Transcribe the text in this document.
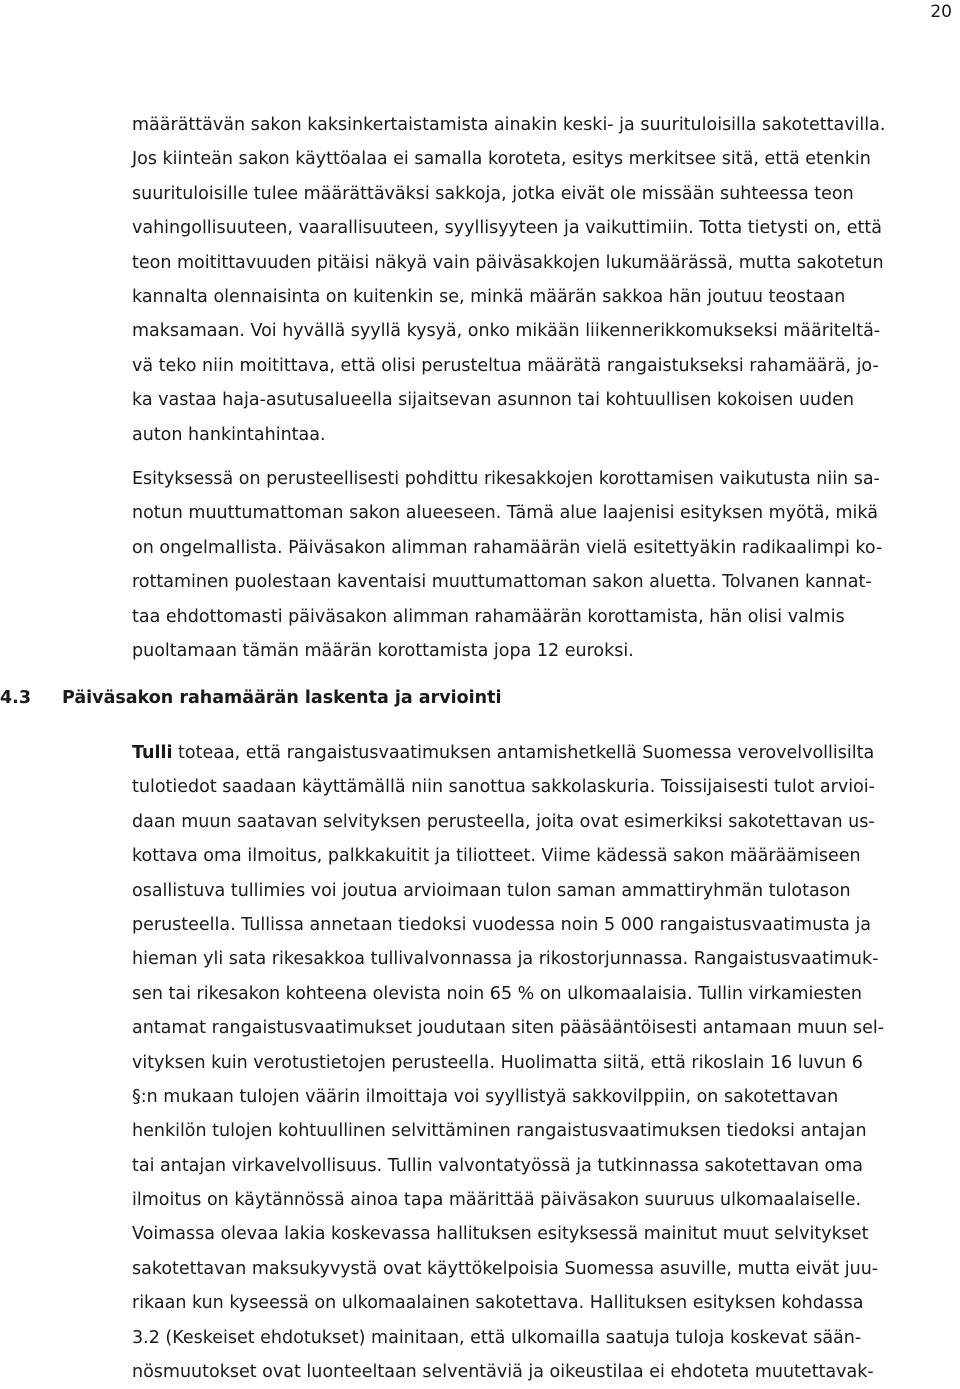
20
määrättävän sakon kaksinkertaistamista ainakin keski- ja suurituloisilla sakotettavilla.
Jos kiinteän sakon käyttöalaa ei samalla koroteta, esitys merkitsee sitä, että etenkin
suurituloisille tulee määrättäväksi sakkoja, jotka eivät ole missään suhteessa teon
vahingollisuuteen, vaarallisuuteen, syyllisyyteen ja vaikuttimiin. Totta tietysti on, että
teon moitittavuuden pitäisi näkyä vain päiväsakkojen lukumäärässä, mutta sakotetun
kannalta olennaisinta on kuitenkin se, minkä määrän sakkoa hän joutuu teostaan
maksamaan. Voi hyvällä syyllä kysyä, onko mikään liikennerikkomukseksi määriteltä-
vä teko niin moitittava, että olisi perusteltua määrätä rangaistukseksi rahamäärä, jo-
ka vastaa haja-asutusalueella sijaitsevan asunnon tai kohtuullisen kokoisen uuden
auton hankintahintaa.
Esityksessä on perusteellisesti pohdittu rikesakkojen korottamisen vaikutusta niin sa-
notun muuttumattoman sakon alueeseen. Tämä alue laajenisi esityksen myötä, mikä
on ongelmallista. Päiväsakon alimman rahamäärän vielä esitettyäkin radikaalimpi ko-
rottaminen puolestaan kaventaisi muuttumattoman sakon aluetta. Tolvanen kannat-
taa ehdottomasti päiväsakon alimman rahamäärän korottamista, hän olisi valmis
puoltamaan tämän määrän korottamista jopa 12 euroksi.
4.3 Päiväsakon rahamäärän laskenta ja arviointi
Tulli toteaa, että rangaistusvaatimuksen antamishetkellä Suomessa verovelvollisilta
tulotiedot saadaan käyttämällä niin sanottua sakkolaskuria. Toissijaisesti tulot arvioi-
daan muun saatavan selvityksen perusteella, joita ovat esimerkiksi sakotettavan us-
kottava oma ilmoitus, palkkakuitit ja tiliotteet. Viime kädessä sakon määräämiseen
osallistuva tullimies voi joutua arvioimaan tulon saman ammattiryhmän tulotason
perusteella. Tullissa annetaan tiedoksi vuodessa noin 5 000 rangaistusvaatimusta ja
hieman yli sata rikesakkoa tullivalvonnassa ja rikostorjunnassa. Rangaistusvaatimuk-
sen tai rikesakon kohteena olevista noin 65 % on ulkomaalaisia. Tullin virkamiesten
antamat rangaistusvaatimukset joudutaan siten pääsääntöisesti antamaan muun sel-
vityksen kuin verotustietojen perusteella. Huolimatta siitä, että rikoslain 16 luvun 6
§:n mukaan tulojen väärin ilmoittaja voi syyllistyä sakkovilppiin, on sakotettavan
henkilön tulojen kohtuullinen selvittäminen rangaistusvaatimuksen tiedoksi antajan
tai antajan virkavelvollisuus. Tullin valvontatyössä ja tutkinnassa sakotettavan oma
ilmoitus on käytännössä ainoa tapa määrittää päiväsakon suuruus ulkomaalaiselle.
Voimassa olevaa lakia koskevassa hallituksen esityksessä mainitut muut selvitykset
sakotettavan maksukyvystä ovat käyttökelpoisia Suomessa asuville, mutta eivät juu-
rikaan kun kyseessä on ulkomaalainen sakotettava. Hallituksen esityksen kohdassa
3.2 (Keskeiset ehdotukset) mainitaan, että ulkomailla saatuja tuloja koskevat sään-
nösmuutokset ovat luonteeltaan selventäviä ja oikeustilaa ei ehdoteta muutettavak-
